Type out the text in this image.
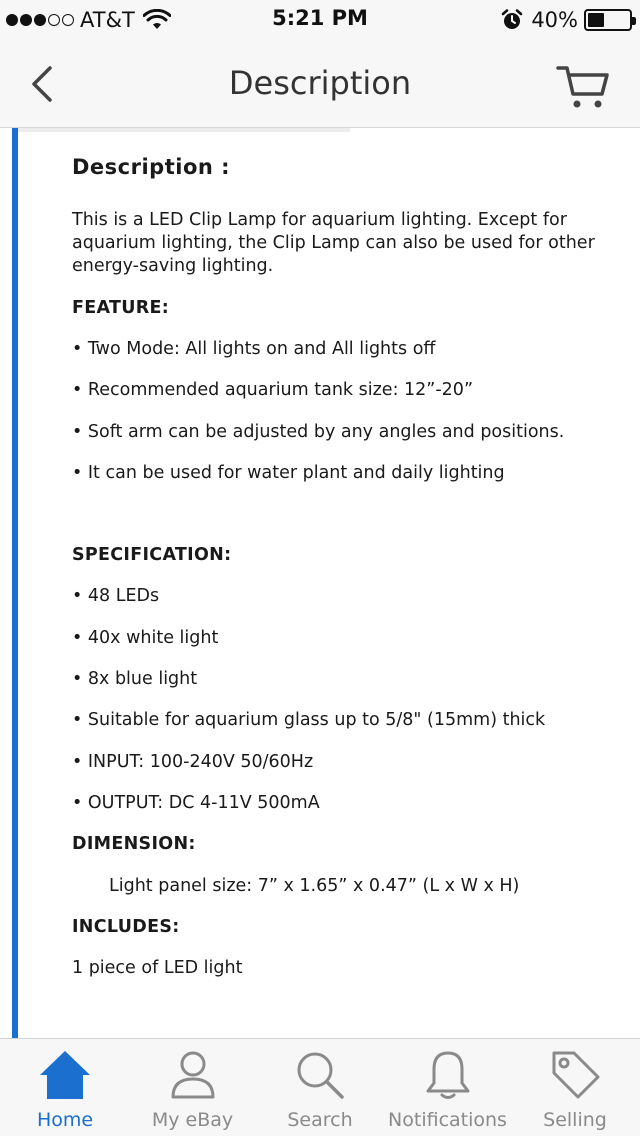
AT&T	5:21 PM	40%
Description
Description :
This is a LED Clip Lamp for aquarium lighting. Except for aquarium lighting, the Clip Lamp can also be used for other energy-saving lighting.
FEATURE:
• Two Mode: All lights on and All lights off
• Recommended aquarium tank size: 12”-20”
• Soft arm can be adjusted by any angles and positions.
• It can be used for water plant and daily lighting
SPECIFICATION:
• 48 LEDs
• 40x white light
• 8x blue light
• Suitable for aquarium glass up to 5/8" (15mm) thick
• INPUT: 100-240V 50/60Hz
• OUTPUT: DC 4-11V 500mA
DIMENSION:
Light panel size: 7” x 1.65” x 0.47” (L x W x H)
INCLUDES:
1 piece of LED light
Home	My eBay	Search	Notifications	Selling
